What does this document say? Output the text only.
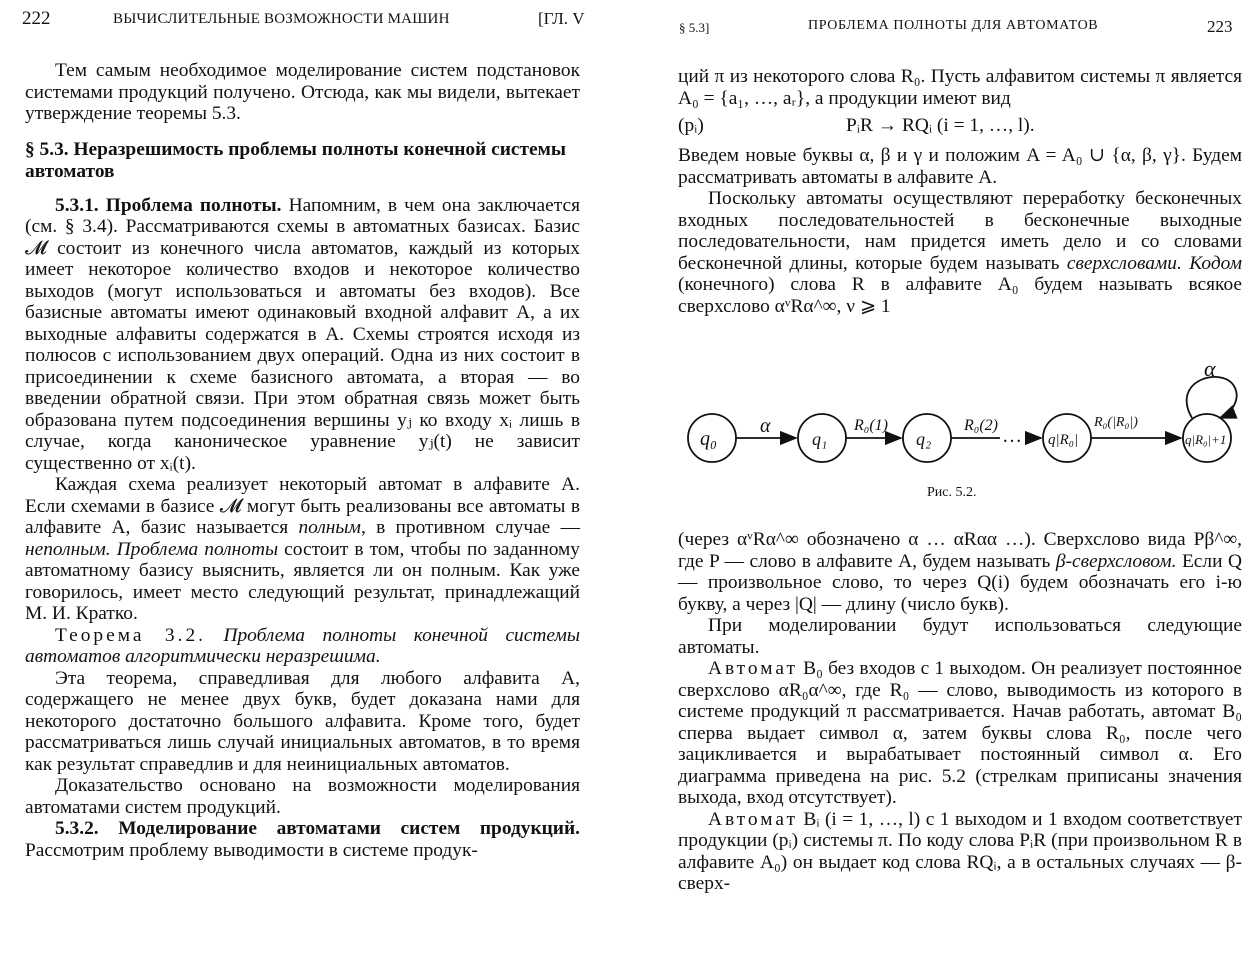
222	ВЫЧИСЛИТЕЛЬНЫЕ ВОЗМОЖНОСТИ МАШИН	[ГЛ. V

Тем самым необходимое моделирование систем подстановок системами продукций получено. Отсюда, как мы видели, вытекает утверждение теоремы 5.3.

§ 5.3. Неразрешимость проблемы полноты конечной системы автоматов

5.3.1. Проблема полноты. Напомним, в чем она заключается (см. § 3.4). Рассматриваются схемы в автоматных базисах. Базис 𝓜 состоит из конечного числа автоматов, каждый из которых имеет некоторое количество входов и некоторое количество выходов (могут использоваться и автоматы без входов). Все базисные автоматы имеют одинаковый входной алфавит A, а их выходные алфавиты содержатся в A. Схемы строятся исходя из полюсов с использованием двух операций. Одна из них состоит в присоединении к схеме базисного автомата, а вторая — во введении обратной связи. При этом обратная связь может быть образована путем подсоединения вершины yⱼ ко входу xᵢ лишь в случае, когда каноническое уравнение yⱼ(t) не зависит существенно от xᵢ(t).

Каждая схема реализует некоторый автомат в алфавите A. Если схемами в базисе 𝓜 могут быть реализованы все автоматы в алфавите A, базис называется полным, в противном случае — неполным. Проблема полноты состоит в том, чтобы по заданному автоматному базису выяснить, является ли он полным. Как уже говорилось, имеет место следующий результат, принадлежащий М. И. Кратко.

Теорема 3.2. Проблема полноты конечной системы автоматов алгоритмически неразрешима.

Эта теорема, справедливая для любого алфавита A, содержащего не менее двух букв, будет доказана нами для некоторого достаточно большого алфавита. Кроме того, будет рассматриваться лишь случай инициальных автоматов, в то время как результат справедлив и для неинициальных автоматов.

Доказательство основано на возможности моделирования автоматами систем продукций.

5.3.2. Моделирование автоматами систем продукций. Рассмотрим проблему выводимости в системе продук-

§ 5.3]	ПРОБЛЕМА ПОЛНОТЫ ДЛЯ АВТОМАТОВ	223

ций π из некоторого слова R₀. Пусть алфавитом системы π является A₀ = {a₁, …, aᵣ}, а продукции имеют вид

(pᵢ)	PᵢR → RQᵢ (i = 1, …, l).

Введем новые буквы α, β и γ и положим A = A₀ ∪ {α, β, γ}. Будем рассматривать автоматы в алфавите A.

Поскольку автоматы осуществляют переработку бесконечных входных последовательностей в бесконечные выходные последовательности, нам придется иметь дело и со словами бесконечной длины, которые будем называть сверхсловами. Кодом (конечного) слова R в алфавите A₀ будем называть всякое сверхслово αᵛRα^∞, ν ⩾ 1

(через αᵛRα^∞ обозначено α … αRαα …). Сверхслово вида Pβ^∞, где P — слово в алфавите A, будем называть β-сверхсловом. Если Q — произвольное слово, то через Q(i) будем обозначать его i-ю букву, а через |Q| — длину (число букв).

При моделировании будут использоваться следующие автоматы.

Автомат B₀ без входов с 1 выходом. Он реализует постоянное сверхслово αR₀α^∞, где R₀ — слово, выводимость из которого в системе продукций π рассматривается. Начав работать, автомат B₀ сперва выдает символ α, затем буквы слова R₀, после чего зацикливается и вырабатывает постоянный символ α. Его диаграмма приведена на рис. 5.2 (стрелкам приписаны значения выхода, вход отсутствует).

Автомат Bᵢ (i = 1, …, l) с 1 выходом и 1 входом соответствует продукции (pᵢ) системы π. По коду слова PᵢR (при произвольном R в алфавите A₀) он выдает код слова RQᵢ, а в остальных случаях — β-сверх-

q₀	q₁	q₂	q|R₀|	q|R₀|+1
α	R₀(1)	R₀(2)	R₀(|R₀|)
α
…
Рис. 5.2.
